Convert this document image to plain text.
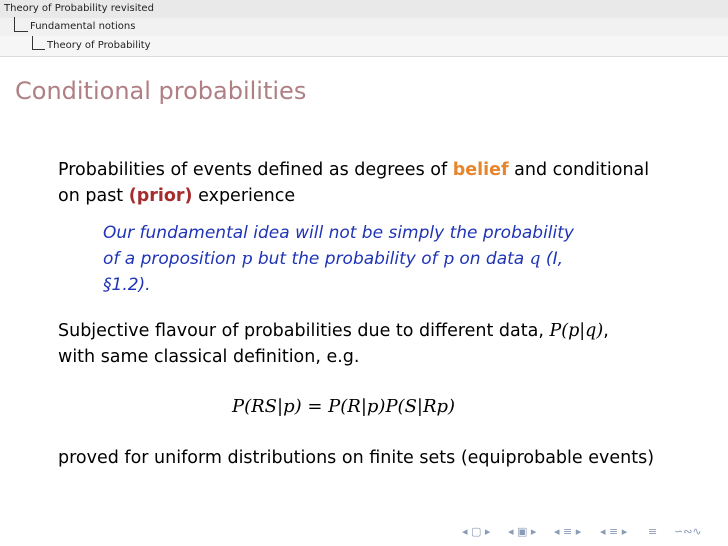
Theory of Probability revisited
Fundamental notions
Theory of Probability
Conditional probabilities
Probabilities of events defined as degrees of belief and conditional
on past (prior) experience
Our fundamental idea will not be simply the probability
of a proposition p but the probability of p on data q (I,
§1.2).
Subjective flavour of probabilities due to different data, P(p|q),
with same classical definition, e.g.
P(RS|p) = P(R|p)P(S|Rp)
proved for uniform distributions on finite sets (equiprobable events)
◂ ▢ ▸ ◂ ▣ ▸ ◂ ≡ ▸ ◂ ≡ ▸ ≡ ∽∾∿
